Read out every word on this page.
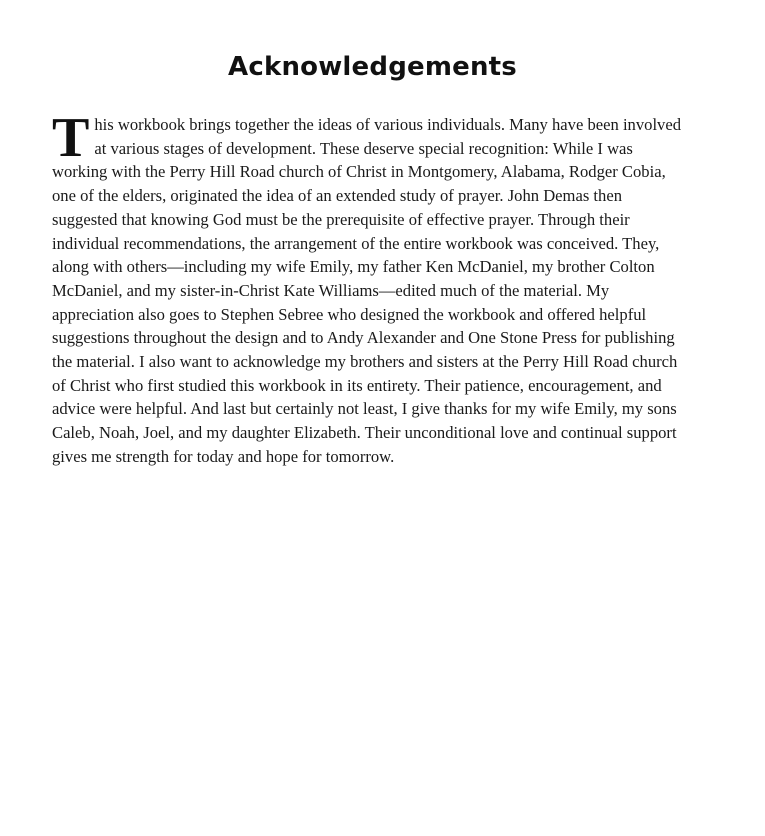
Acknowledgements

This workbook brings together the ideas of various individuals. Many have been involved at various stages of development. These deserve special recognition: While I was working with the Perry Hill Road church of Christ in Montgomery, Alabama, Rodger Cobia, one of the elders, originated the idea of an extended study of prayer. John Demas then suggested that knowing God must be the prerequisite of effective prayer. Through their individual recommendations, the arrangement of the entire workbook was conceived. They, along with others—including my wife Emily, my father Ken McDaniel, my brother Colton McDaniel, and my sister-in-Christ Kate Williams—edited much of the material. My appreciation also goes to Stephen Sebree who designed the workbook and offered helpful suggestions throughout the design and to Andy Alexander and One Stone Press for publishing the material. I also want to acknowledge my brothers and sisters at the Perry Hill Road church of Christ who first studied this workbook in its entirety. Their patience, encouragement, and advice were helpful. And last but certainly not least, I give thanks for my wife Emily, my sons Caleb, Noah, Joel, and my daughter Elizabeth. Their unconditional love and continual support gives me strength for today and hope for tomorrow.
